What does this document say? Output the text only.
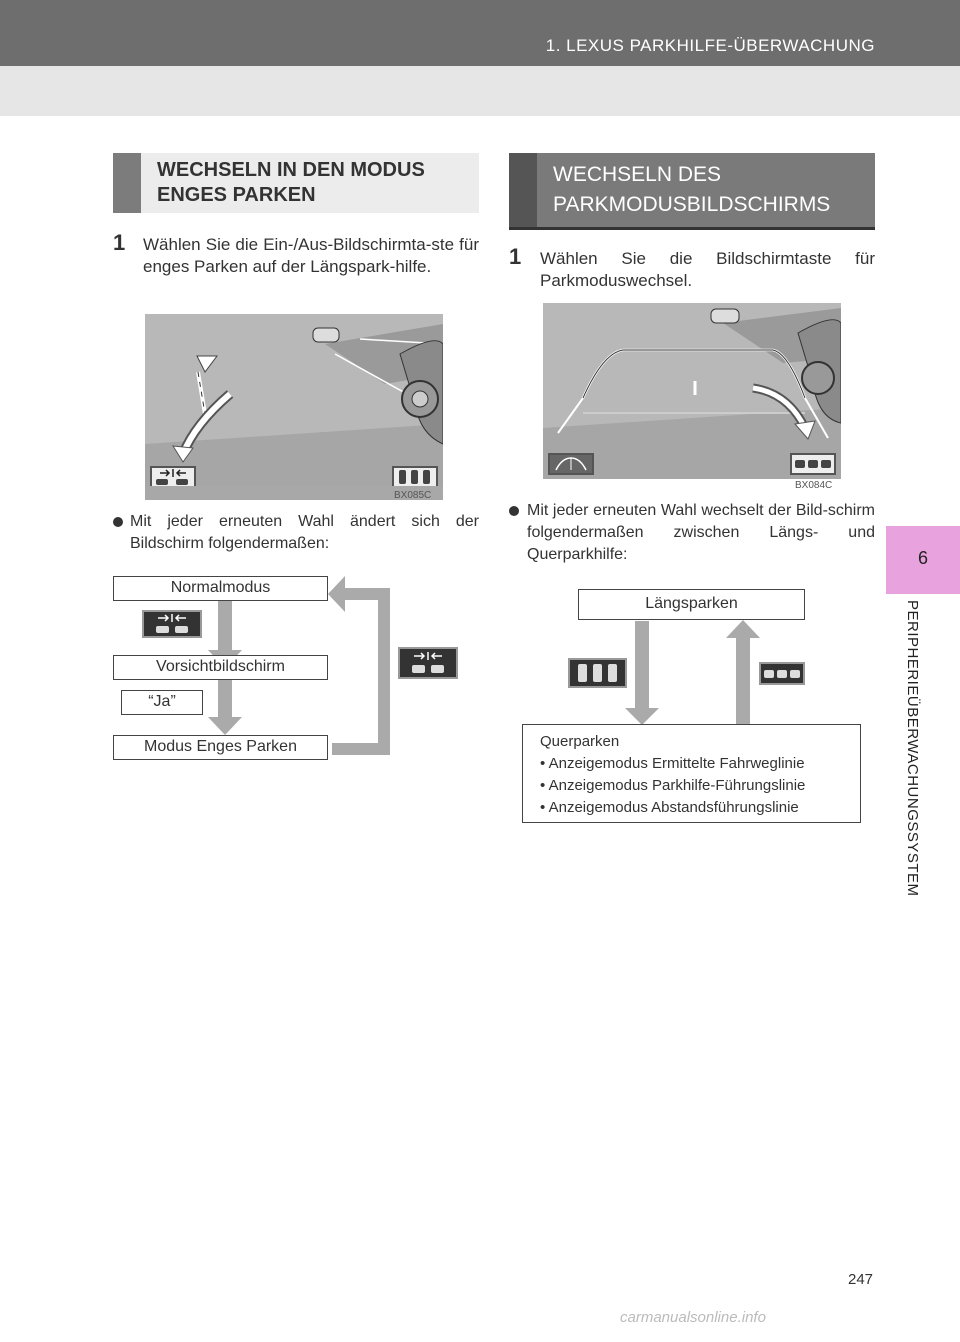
1. LEXUS PARKHILFE-ÜBERWACHUNG
6
PERIPHERIEÜBERWACHUNGSSYSTEM
WECHSELN IN DEN MODUS
ENGES PARKEN
1 Wählen Sie die Ein-/Aus-Bildschirmta-ste für enges Parken auf der Längspark-hilfe.
BX085C
Mit jeder erneuten Wahl ändert sich der Bildschirm folgendermaßen:
Normalmodus
Vorsichtbildschirm
“Ja”
Modus Enges Parken
WECHSELN DES
PARKMODUSBILDSCHIRMS
1 Wählen Sie die Bildschirmtaste für Parkmoduswechsel.
BX084C
Mit jeder erneuten Wahl wechselt der Bild-schirm folgendermaßen zwischen Längs- und Querparkhilfe:
Längsparken
Querparken
• Anzeigemodus Ermittelte Fahrweglinie
• Anzeigemodus Parkhilfe-Führungslinie
• Anzeigemodus Abstandsführungslinie
247
carmanualsonline.info
